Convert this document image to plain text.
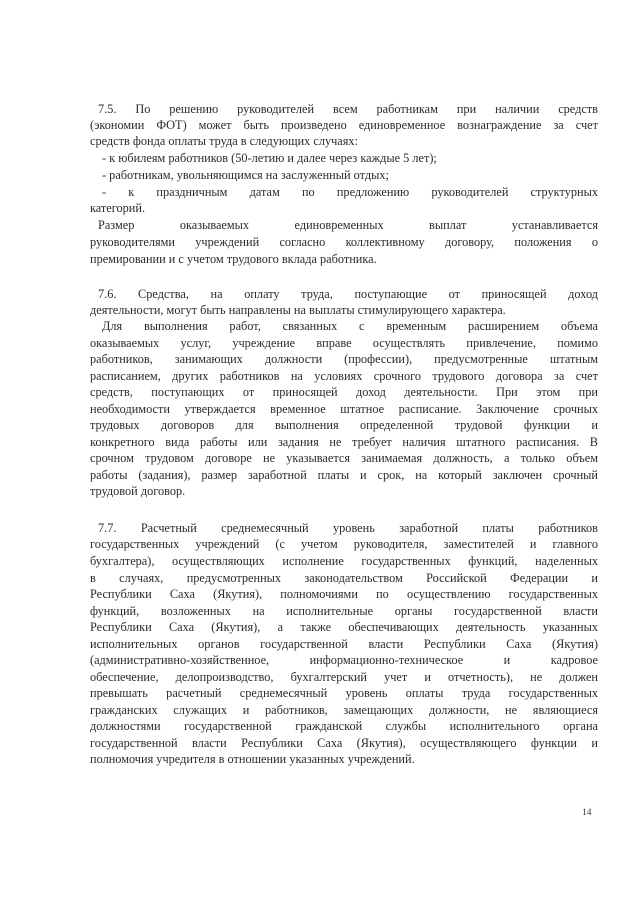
7.5. По решению руководителей всем работникам при наличии средств
(экономии ФОТ) может быть произведено единовременное вознаграждение за счет
средств фонда оплаты труда в следующих случаях:
- к юбилеям работников (50-летию и далее через каждые 5 лет);
- работникам, увольняющимся на заслуженный отдых;
- к праздничным датам по предложению руководителей структурных
категорий.
Размер оказываемых единовременных выплат устанавливается
руководителями учреждений согласно коллективному договору, положения о
премировании и с учетом трудового вклада работника.
7.6. Средства, на оплату труда, поступающие от приносящей доход
деятельности, могут быть направлены на выплаты стимулирующего характера.
Для выполнения работ, связанных с временным расширением объема
оказываемых услуг, учреждение вправе осуществлять привлечение, помимо
работников, занимающих должности (профессии), предусмотренные штатным
расписанием, других работников на условиях срочного трудового договора за счет
средств, поступающих от приносящей доход деятельности. При этом при
необходимости утверждается временное штатное расписание. Заключение срочных
трудовых договоров для выполнения определенной трудовой функции и
конкретного вида работы или задания не требует наличия штатного расписания. В
срочном трудовом договоре не указывается занимаемая должность, а только объем
работы (задания), размер заработной платы и срок, на который заключен срочный
трудовой договор.
7.7. Расчетный среднемесячный уровень заработной платы работников
государственных учреждений (с учетом руководителя, заместителей и главного
бухгалтера), осуществляющих исполнение государственных функций, наделенных
в случаях, предусмотренных законодательством Российской Федерации и
Республики Саха (Якутия), полномочиями по осуществлению государственных
функций, возложенных на исполнительные органы государственной власти
Республики Саха (Якутия), а также обеспечивающих деятельность указанных
исполнительных органов государственной власти Республики Саха (Якутия)
(административно-хозяйственное, информационно-техническое и кадровое
обеспечение, делопроизводство, бухгалтерский учет и отчетность), не должен
превышать расчетный среднемесячный уровень оплаты труда государственных
гражданских служащих и работников, замещающих должности, не являющиеся
должностями государственной гражданской службы исполнительного органа
государственной власти Республики Саха (Якутия), осуществляющего функции и
полномочия учредителя в отношении указанных учреждений.
14
